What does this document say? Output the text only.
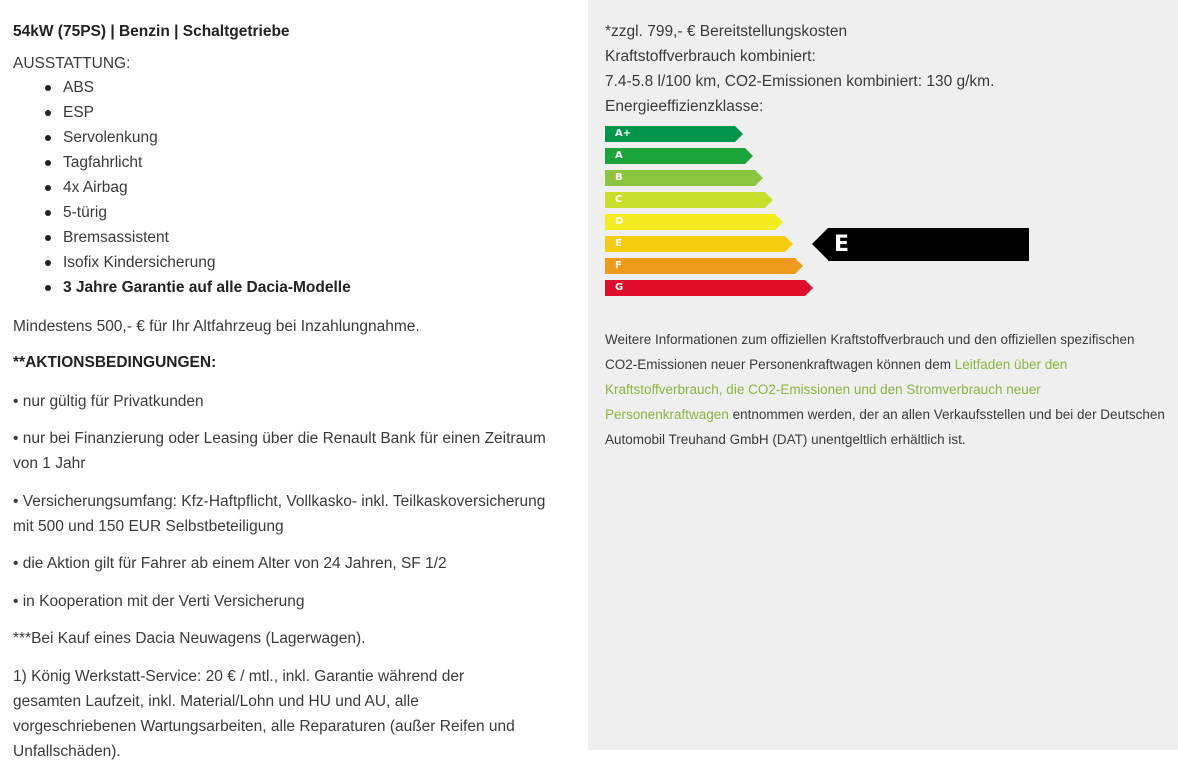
54kW (75PS) | Benzin | Schaltgetriebe
AUSSTATTUNG:
ABS
ESP
Servolenkung
Tagfahrlicht
4x Airbag
5-türig
Bremsassistent
Isofix Kindersicherung
3 Jahre Garantie auf alle Dacia-Modelle
Mindestens 500,- € für Ihr Altfahrzeug bei Inzahlungnahme.
**AKTIONSBEDINGUNGEN:
• nur gültig für Privatkunden
• nur bei Finanzierung oder Leasing über die Renault Bank für einen Zeitraum von 1 Jahr
• Versicherungsumfang: Kfz-Haftpflicht, Vollkasko- inkl. Teilkaskoversicherung mit 500 und 150 EUR Selbstbeteiligung
• die Aktion gilt für Fahrer ab einem Alter von 24 Jahren, SF 1/2
• in Kooperation mit der Verti Versicherung
***Bei Kauf eines Dacia Neuwagens (Lagerwagen).
1) König Werkstatt-Service: 20 € / mtl., inkl. Garantie während der gesamten Laufzeit, inkl. Material/Lohn und HU und AU, alle vorgeschriebenen Wartungsarbeiten, alle Reparaturen (außer Reifen und Unfallschäden).
*zzgl. 799,- € Bereitstellungskosten
Kraftstoffverbrauch kombiniert:
7.4-5.8 l/100 km, CO2-Emissionen kombiniert: 130 g/km.
Energieeffizienzklasse:
A+
A
B
C
D
E
F
G
E
Weitere Informationen zum offiziellen Kraftstoffverbrauch und den offiziellen spezifischen CO2-Emissionen neuer Personenkraftwagen können dem Leitfaden über den Kraftstoffverbrauch, die CO2-Emissionen und den Stromverbrauch neuer Personenkraftwagen entnommen werden, der an allen Verkaufsstellen und bei der Deutschen Automobil Treuhand GmbH (DAT) unentgeltlich erhältlich ist.
